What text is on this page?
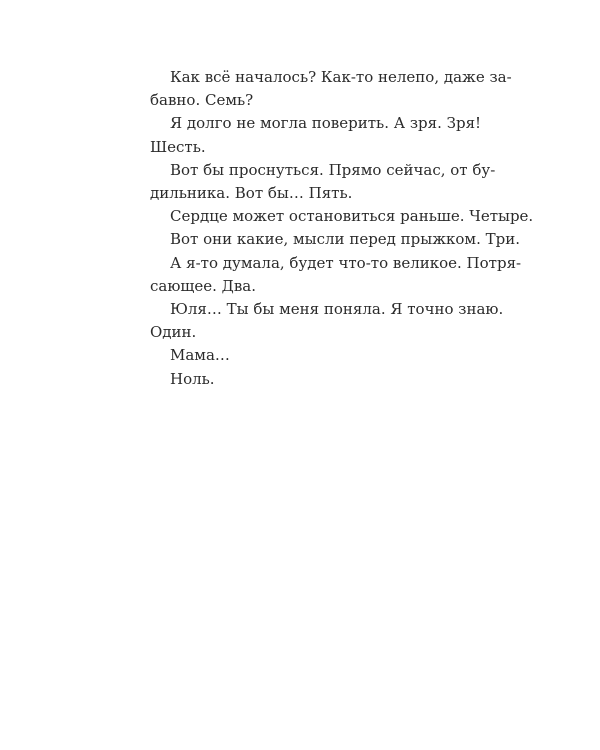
Как всё началось? Как-то нелепо, даже за-
бавно. Семь?
Я долго не могла поверить. А зря. Зря!
Шесть.
Вот бы проснуться. Прямо сейчас, от бу-
дильника. Вот бы… Пять.
Сердце может остановиться раньше. Четыре.
Вот они какие, мысли перед прыжком. Три.
А я-то думала, будет что-то великое. Потря-
сающее. Два.
Юля… Ты бы меня поняла. Я точно знаю.
Один.
Мама…
Ноль.
